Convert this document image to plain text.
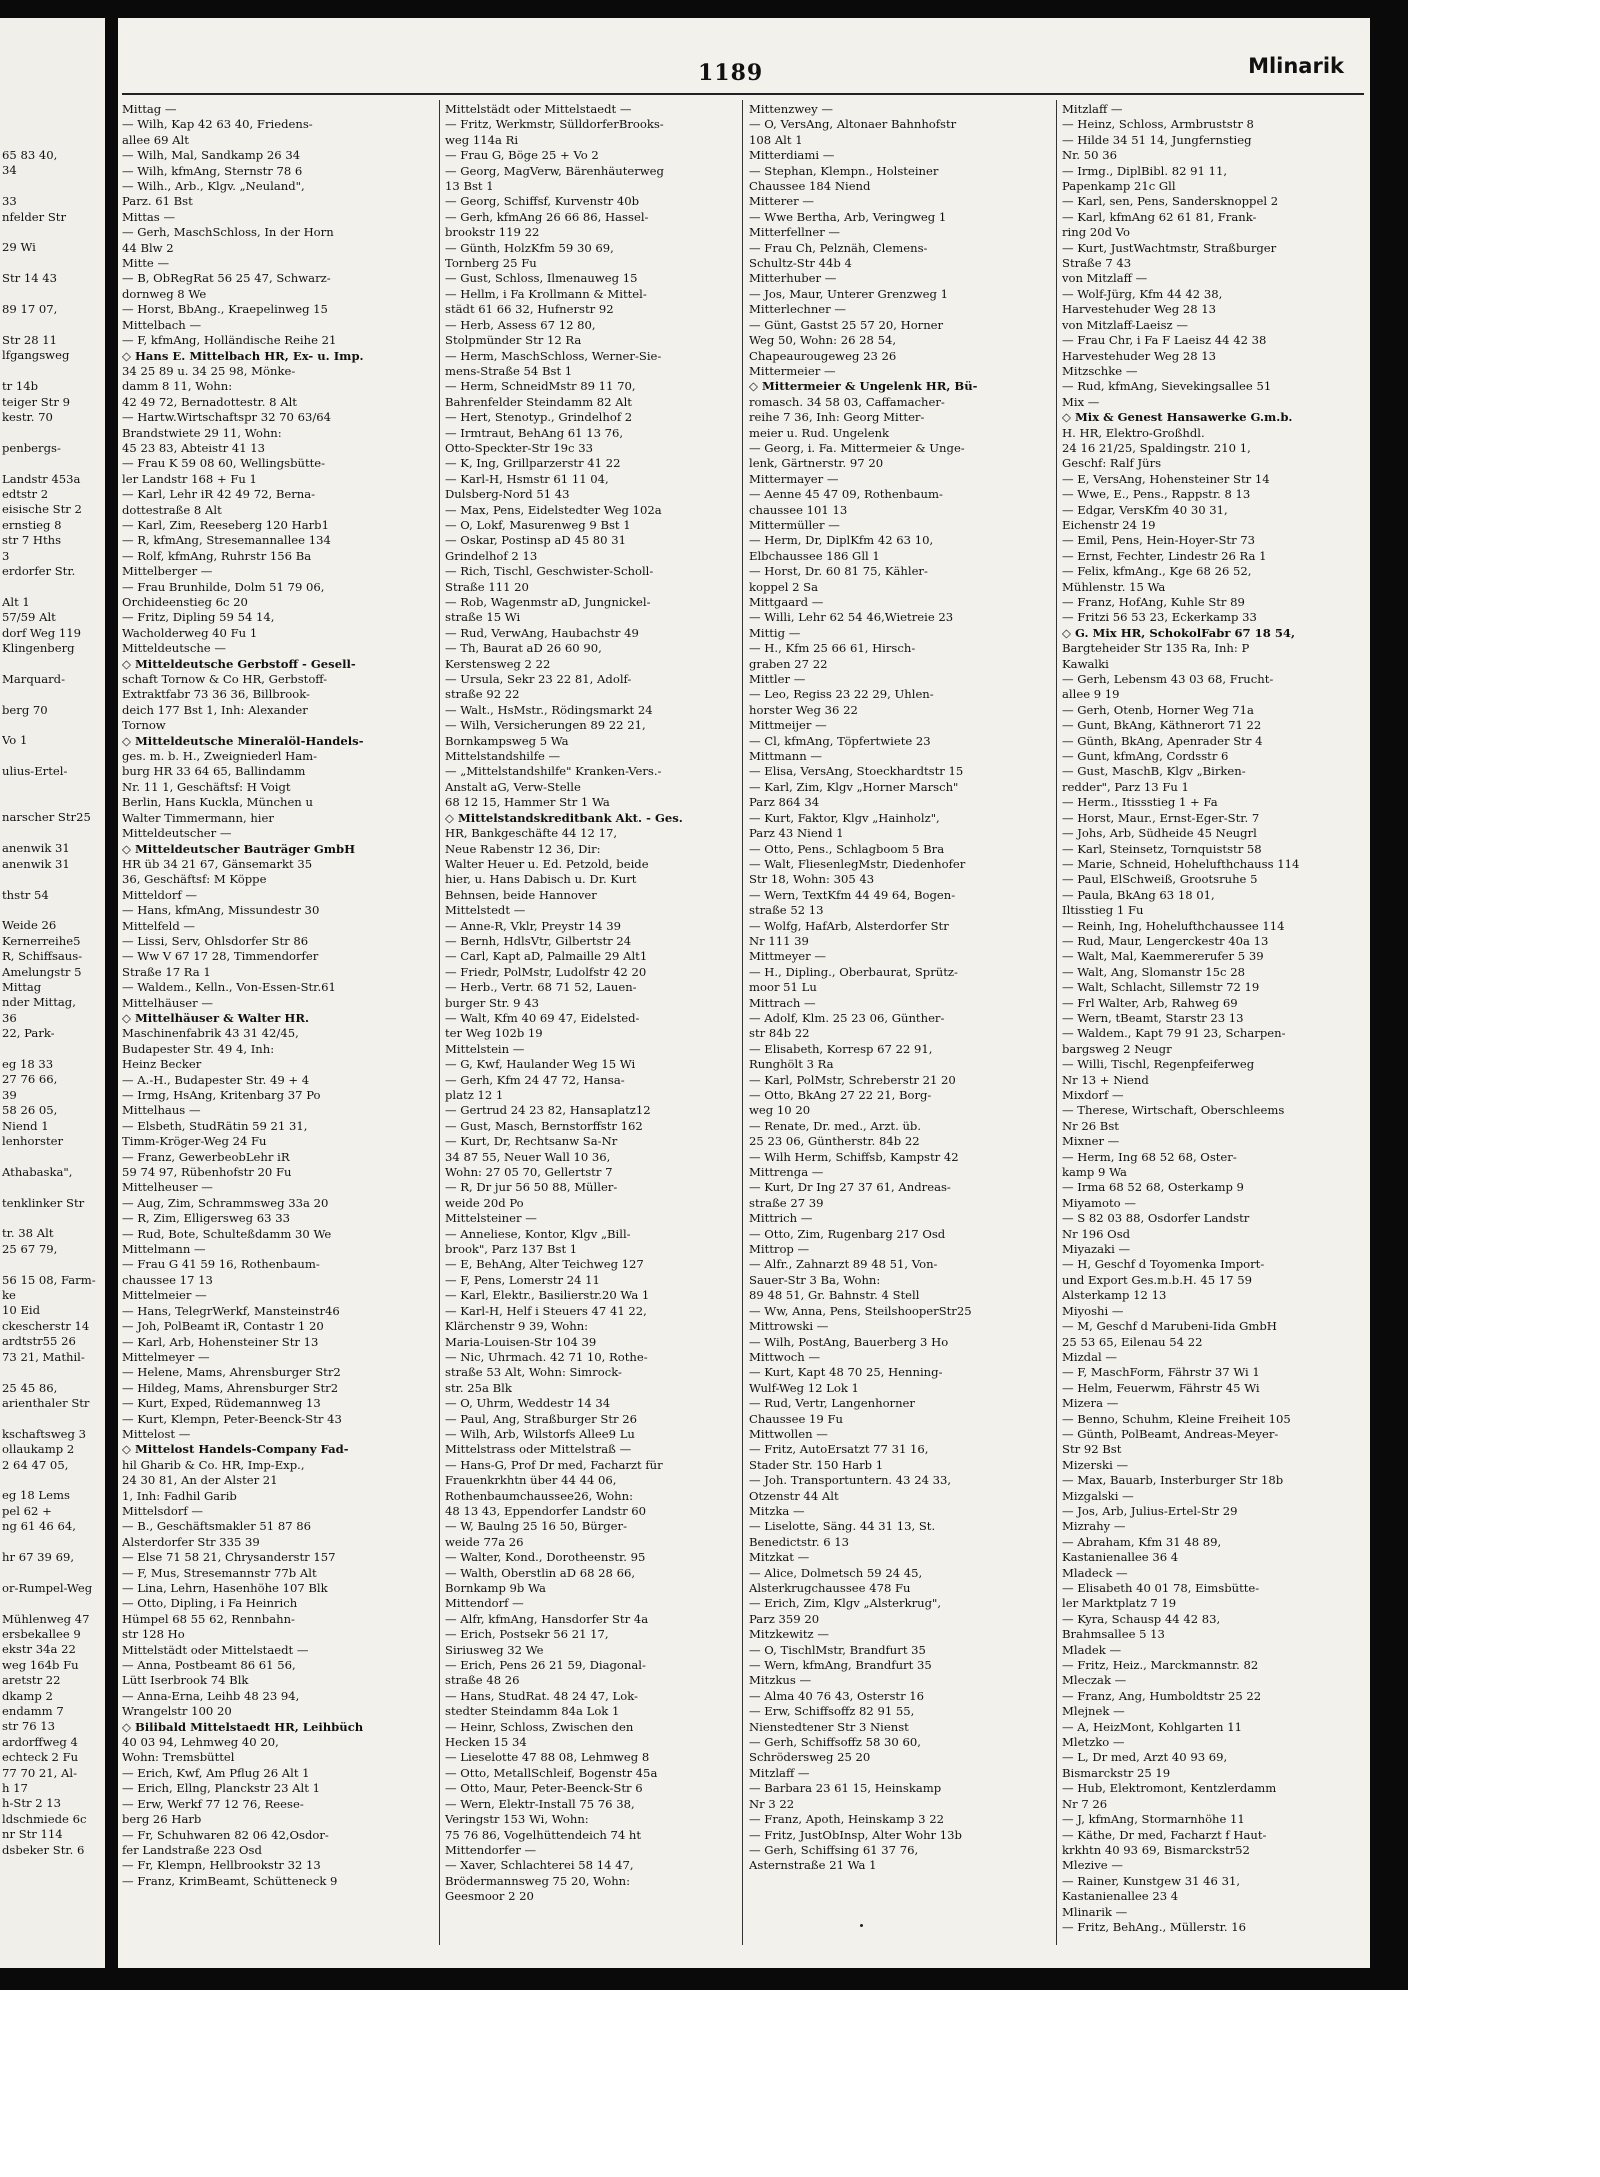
65 83 40,
34

33
nfelder Str

29 Wi

Str 14 43

89 17 07,

Str 28 11
lfgangsweg

tr 14b
teiger Str 9
kestr. 70

penbergs-

Landstr 453a
edtstr 2
eisische Str 2
ernstieg 8
str 7 Hths
3
erdorfer Str.

Alt 1
57/59 Alt
dorf Weg 119
Klingenberg

Marquard-

berg 70

Vo 1

ulius-Ertel-

narscher Str25

anenwik 31
anenwik 31

thstr 54

Weide 26
Kernerreihe5
R, Schiffsaus-
Amelungstr 5
Mittag
nder Mittag,
36
22, Park-

eg 18 33
27 76 66,
39
58 26 05,
Niend 1
lenhorster

Athabaska",

tenklinker Str

tr. 38 Alt
25 67 79,

56 15 08, Farm-
ke
10 Eid
ckescherstr 14
ardtstr55 26
73 21, Mathil-

25 45 86,
arienthaler Str

kschaftsweg 3
ollaukamp 2
2 64 47 05,

eg 18 Lems
pel 62 +
ng 61 46 64,

hr 67 39 69,

or-Rumpel-Weg

Mühlenweg 47
ersbekallee 9
ekstr 34a 22
weg 164b Fu
aretstr 22
dkamp 2
endamm 7
str 76 13
ardorffweg 4
echteck 2 Fu
77 70 21, Al-
h 17
h-Str 2 13
ldschmiede 6c
nr Str 114
dsbeker Str. 6
1189	Mlinarik
Mittag —
— Wilh, Kap 42 63 40, Friedens-
allee 69 Alt
— Wilh, Mal, Sandkamp 26 34
— Wilh, kfmAng, Sternstr 78 6
— Wilh., Arb., Klgv. „Neuland",
Parz. 61 Bst
Mittas —
— Gerh, MaschSchloss, In der Horn
44 Blw 2
Mitte —
— B, ObRegRat 56 25 47, Schwarz-
dornweg 8 We
— Horst, BbAng., Kraepelinweg 15
Mittelbach —
— F, kfmAng, Holländische Reihe 21
◇ Hans E. Mittelbach HR, Ex- u. Imp.
34 25 89 u. 34 25 98, Mönke-
damm 8 11, Wohn:
42 49 72, Bernadottestr. 8 Alt
— Hartw.Wirtschaftspr 32 70 63/64
Brandstwiete 29 11, Wohn:
45 23 83, Abteistr 41 13
— Frau K 59 08 60, Wellingsbütte-
ler Landstr 168 + Fu 1
— Karl, Lehr iR 42 49 72, Berna-
dottestraße 8 Alt
— Karl, Zim, Reeseberg 120 Harb1
— R, kfmAng, Stresemannallee 134
— Rolf, kfmAng, Ruhrstr 156 Ba
Mittelberger —
— Frau Brunhilde, Dolm 51 79 06,
Orchideenstieg 6c 20
— Fritz, Dipling 59 54 14,
Wacholderweg 40 Fu 1
Mitteldeutsche —
◇ Mitteldeutsche Gerbstoff - Gesell-
schaft Tornow & Co HR, Gerbstoff-
Extraktfabr 73 36 36, Billbrook-
deich 177 Bst 1, Inh: Alexander
Tornow
◇ Mitteldeutsche Mineralöl-Handels-
ges. m. b. H., Zweigniederl Ham-
burg HR 33 64 65, Ballindamm
Nr. 11 1, Geschäftsf: H Voigt
Berlin, Hans Kuckla, München u
Walter Timmermann, hier
Mitteldeutscher —
◇ Mitteldeutscher Bauträger GmbH
HR üb 34 21 67, Gänsemarkt 35
36, Geschäftsf: M Köppe
Mitteldorf —
— Hans, kfmAng, Missundestr 30
Mittelfeld —
— Lissi, Serv, Ohlsdorfer Str 86
— Ww V 67 17 28, Timmendorfer
Straße 17 Ra 1
— Waldem., Kelln., Von-Essen-Str.61
Mittelhäuser —
◇ Mittelhäuser & Walter HR.
Maschinenfabrik 43 31 42/45,
Budapester Str. 49 4, Inh:
Heinz Becker
— A.-H., Budapester Str. 49 + 4
— Irmg, HsAng, Kritenbarg 37 Po
Mittelhaus —
— Elsbeth, StudRätin 59 21 31,
Timm-Kröger-Weg 24 Fu
— Franz, GewerbeobLehr iR
59 74 97, Rübenhofstr 20 Fu
Mittelheuser —
— Aug, Zim, Schrammsweg 33a 20
— R, Zim, Elligersweg 63 33
— Rud, Bote, Schulteßdamm 30 We
Mittelmann —
— Frau G 41 59 16, Rothenbaum-
chaussee 17 13
Mittelmeier —
— Hans, TelegrWerkf, Mansteinstr46
— Joh, PolBeamt iR, Contastr 1 20
— Karl, Arb, Hohensteiner Str 13
Mittelmeyer —
— Helene, Mams, Ahrensburger Str2
— Hildeg, Mams, Ahrensburger Str2
— Kurt, Exped, Rüdemannweg 13
— Kurt, Klempn, Peter-Beenck-Str 43
Mittelost —
◇ Mittelost Handels-Company Fad-
hil Gharib & Co. HR, Imp-Exp.,
24 30 81, An der Alster 21
1, Inh: Fadhil Garib
Mittelsdorf —
— B., Geschäftsmakler 51 87 86
Alsterdorfer Str 335 39
— Else 71 58 21, Chrysanderstr 157
— F, Mus, Stresemannstr 77b Alt
— Lina, Lehrn, Hasenhöhe 107 Blk
— Otto, Dipling, i Fa Heinrich
Hümpel 68 55 62, Rennbahn-
str 128 Ho
Mittelstädt oder Mittelstaedt —
— Anna, Postbeamt 86 61 56,
Lütt Iserbrook 74 Blk
— Anna-Erna, Leihb 48 23 94,
Wrangelstr 100 20
◇ Bilibald Mittelstaedt HR, Leihbüch
40 03 94, Lehmweg 40 20,
Wohn: Tremsbüttel
— Erich, Kwf, Am Pflug 26 Alt 1
— Erich, Ellng, Planckstr 23 Alt 1
— Erw, Werkf 77 12 76, Reese-
berg 26 Harb
— Fr, Schuhwaren 82 06 42,Osdor-
fer Landstraße 223 Osd
— Fr, Klempn, Hellbrookstr 32 13
— Franz, KrimBeamt, Schütteneck 9
Mittelstädt oder Mittelstaedt —
— Fritz, Werkmstr, SülldorferBrooks-
weg 114a Ri
— Frau G, Böge 25 + Vo 2
— Georg, MagVerw, Bärenhäuterweg
13 Bst 1
— Georg, Schiffsf, Kurvenstr 40b
— Gerh, kfmAng 26 66 86, Hassel-
brookstr 119 22
— Günth, HolzKfm 59 30 69,
Tornberg 25 Fu
— Gust, Schloss, Ilmenauweg 15
— Hellm, i Fa Krollmann & Mittel-
städt 61 66 32, Hufnerstr 92
— Herb, Assess 67 12 80,
Stolpmünder Str 12 Ra
— Herm, MaschSchloss, Werner-Sie-
mens-Straße 54 Bst 1
— Herm, SchneidMstr 89 11 70,
Bahrenfelder Steindamm 82 Alt
— Hert, Stenotyp., Grindelhof 2
— Irmtraut, BehAng 61 13 76,
Otto-Speckter-Str 19c 33
— K, Ing, Grillparzerstr 41 22
— Karl-H, Hsmstr 61 11 04,
Dulsberg-Nord 51 43
— Max, Pens, Eidelstedter Weg 102a
— O, Lokf, Masurenweg 9 Bst 1
— Oskar, Postinsp aD 45 80 31
Grindelhof 2 13
— Rich, Tischl, Geschwister-Scholl-
Straße 111 20
— Rob, Wagenmstr aD, Jungnickel-
straße 15 Wi
— Rud, VerwAng, Haubachstr 49
— Th, Baurat aD 26 60 90,
Kerstensweg 2 22
— Ursula, Sekr 23 22 81, Adolf-
straße 92 22
— Walt., HsMstr., Rödingsmarkt 24
— Wilh, Versicherungen 89 22 21,
Bornkampsweg 5 Wa
Mittelstandshilfe —
— „Mittelstandshilfe" Kranken-Vers.-
Anstalt aG, Verw-Stelle
68 12 15, Hammer Str 1 Wa
◇ Mittelstandskreditbank Akt. - Ges.
HR, Bankgeschäfte 44 12 17,
Neue Rabenstr 12 36, Dir:
Walter Heuer u. Ed. Petzold, beide
hier, u. Hans Dabisch u. Dr. Kurt
Behnsen, beide Hannover
Mittelstedt —
— Anne-R, Vklr, Preystr 14 39
— Bernh, HdlsVtr, Gilbertstr 24
— Carl, Kapt aD, Palmaille 29 Alt1
— Friedr, PolMstr, Ludolfstr 42 20
— Herb., Vertr. 68 71 52, Lauen-
burger Str. 9 43
— Walt, Kfm 40 69 47, Eidelsted-
ter Weg 102b 19
Mittelstein —
— G, Kwf, Haulander Weg 15 Wi
— Gerh, Kfm 24 47 72, Hansa-
platz 12 1
— Gertrud 24 23 82, Hansaplatz12
— Gust, Masch, Bernstorffstr 162
— Kurt, Dr, Rechtsanw Sa-Nr
34 87 55, Neuer Wall 10 36,
Wohn: 27 05 70, Gellertstr 7
— R, Dr jur 56 50 88, Müller-
weide 20d Po
Mittelsteiner —
— Anneliese, Kontor, Klgv „Bill-
brook", Parz 137 Bst 1
— E, BehAng, Alter Teichweg 127
— F, Pens, Lomerstr 24 11
— Karl, Elektr., Basilierstr.20 Wa 1
— Karl-H, Helf i Steuers 47 41 22,
Klärchenstr 9 39, Wohn:
Maria-Louisen-Str 104 39
— Nic, Uhrmach. 42 71 10, Rothe-
straße 53 Alt, Wohn: Simrock-
str. 25a Blk
— O, Uhrm, Weddestr 14 34
— Paul, Ang, Straßburger Str 26
— Wilh, Arb, Wilstorfs Allee9 Lu
Mittelstrass oder Mittelstraß —
— Hans-G, Prof Dr med, Facharzt für
Frauenkrkhtn über 44 44 06,
Rothenbaumchaussee26, Wohn:
48 13 43, Eppendorfer Landstr 60
— W, Baulng 25 16 50, Bürger-
weide 77a 26
— Walter, Kond., Dorotheenstr. 95
— Walth, Oberstlin aD 68 28 66,
Bornkamp 9b Wa
Mittendorf —
— Alfr, kfmAng, Hansdorfer Str 4a
— Erich, Postsekr 56 21 17,
Siriusweg 32 We
— Erich, Pens 26 21 59, Diagonal-
straße 48 26
— Hans, StudRat. 48 24 47, Lok-
stedter Steindamm 84a Lok 1
— Heinr, Schloss, Zwischen den
Hecken 15 34
— Lieselotte 47 88 08, Lehmweg 8
— Otto, MetallSchleif, Bogenstr 45a
— Otto, Maur, Peter-Beenck-Str 6
— Wern, Elektr-Install 75 76 38,
Veringstr 153 Wi, Wohn:
75 76 86, Vogelhüttendeich 74 ht
Mittendorfer —
— Xaver, Schlachterei 58 14 47,
Brödermannsweg 75 20, Wohn:
Geesmoor 2 20
Mittenzwey —
— O, VersAng, Altonaer Bahnhofstr
108 Alt 1
Mitterdiami —
— Stephan, Klempn., Holsteiner
Chaussee 184 Niend
Mitterer —
— Wwe Bertha, Arb, Veringweg 1
Mitterfellner —
— Frau Ch, Pelznäh, Clemens-
Schultz-Str 44b 4
Mitterhuber —
— Jos, Maur, Unterer Grenzweg 1
Mitterlechner —
— Günt, Gastst 25 57 20, Horner
Weg 50, Wohn: 26 28 54,
Chapeaurougeweg 23 26
Mittermeier —
◇ Mittermeier & Ungelenk HR, Bü-
romasch. 34 58 03, Caffamacher-
reihe 7 36, Inh: Georg Mitter-
meier u. Rud. Ungelenk
— Georg, i. Fa. Mittermeier & Unge-
lenk, Gärtnerstr. 97 20
Mittermayer —
— Aenne 45 47 09, Rothenbaum-
chaussee 101 13
Mittermüller —
— Herm, Dr, DiplKfm 42 63 10,
Elbchaussee 186 Gll 1
— Horst, Dr. 60 81 75, Kähler-
koppel 2 Sa
Mittgaard —
— Willi, Lehr 62 54 46,Wietreie 23
Mittig —
— H., Kfm 25 66 61, Hirsch-
graben 27 22
Mittler —
— Leo, Regiss 23 22 29, Uhlen-
horster Weg 36 22
Mittmeijer —
— Cl, kfmAng, Töpfertwiete 23
Mittmann —
— Elisa, VersAng, Stoeckhardtstr 15
— Karl, Zim, Klgv „Horner Marsch"
Parz 864 34
— Kurt, Faktor, Klgv „Hainholz",
Parz 43 Niend 1
— Otto, Pens., Schlagboom 5 Bra
— Walt, FliesenlegMstr, Diedenhofer
Str 18, Wohn: 305 43
— Wern, TextKfm 44 49 64, Bogen-
straße 52 13
— Wolfg, HafArb, Alsterdorfer Str
Nr 111 39
Mittmeyer —
— H., Dipling., Oberbaurat, Sprütz-
moor 51 Lu
Mittrach —
— Adolf, Klm. 25 23 06, Günther-
str 84b 22
— Elisabeth, Korresp 67 22 91,
Runghölt 3 Ra
— Karl, PolMstr, Schreberstr 21 20
— Otto, BkAng 27 22 21, Borg-
weg 10 20
— Renate, Dr. med., Arzt. üb.
25 23 06, Güntherstr. 84b 22
— Wilh Herm, Schiffsb, Kampstr 42
Mittrenga —
— Kurt, Dr Ing 27 37 61, Andreas-
straße 27 39
Mittrich —
— Otto, Zim, Rugenbarg 217 Osd
Mittrop —
— Alfr., Zahnarzt 89 48 51, Von-
Sauer-Str 3 Ba, Wohn:
89 48 51, Gr. Bahnstr. 4 Stell
— Ww, Anna, Pens, SteilshooperStr25
Mittrowski —
— Wilh, PostAng, Bauerberg 3 Ho
Mittwoch —
— Kurt, Kapt 48 70 25, Henning-
Wulf-Weg 12 Lok 1
— Rud, Vertr, Langenhorner
Chaussee 19 Fu
Mittwollen —
— Fritz, AutoErsatzt 77 31 16,
Stader Str. 150 Harb 1
— Joh. Transportuntern. 43 24 33,
Otzenstr 44 Alt
Mitzka —
— Liselotte, Säng. 44 31 13, St.
Benedictstr. 6 13
Mitzkat —
— Alice, Dolmetsch 59 24 45,
Alsterkrugchaussee 478 Fu
— Erich, Zim, Klgv „Alsterkrug",
Parz 359 20
Mitzkewitz —
— O, TischlMstr, Brandfurt 35
— Wern, kfmAng, Brandfurt 35
Mitzkus —
— Alma 40 76 43, Osterstr 16
— Erw, Schiffsoffz 82 91 55,
Nienstedtener Str 3 Nienst
— Gerh, Schiffsoffz 58 30 60,
Schrödersweg 25 20
Mitzlaff —
— Barbara 23 61 15, Heinskamp
Nr 3 22
— Franz, Apoth, Heinskamp 3 22
— Fritz, JustObInsp, Alter Wohr 13b
— Gerh, Schiffsing 61 37 76,
Asternstraße 21 Wa 1
Mitzlaff —
— Heinz, Schloss, Armbruststr 8
— Hilde 34 51 14, Jungfernstieg
Nr. 50 36
— Irmg., DiplBibl. 82 91 11,
Papenkamp 21c Gll
— Karl, sen, Pens, Sandersknoppel 2
— Karl, kfmAng 62 61 81, Frank-
ring 20d Vo
— Kurt, JustWachtmstr, Straßburger
Straße 7 43
von Mitzlaff —
— Wolf-Jürg, Kfm 44 42 38,
Harvestehuder Weg 28 13
von Mitzlaff-Laeisz —
— Frau Chr, i Fa F Laeisz 44 42 38
Harvestehuder Weg 28 13
Mitzschke —
— Rud, kfmAng, Sievekingsallee 51
Mix —
◇ Mix & Genest Hansawerke G.m.b.
H. HR, Elektro-Großhdl.
24 16 21/25, Spaldingstr. 210 1,
Geschf: Ralf Jürs
— E, VersAng, Hohensteiner Str 14
— Wwe, E., Pens., Rappstr. 8 13
— Edgar, VersKfm 40 30 31,
Eichenstr 24 19
— Emil, Pens, Hein-Hoyer-Str 73
— Ernst, Fechter, Lindestr 26 Ra 1
— Felix, kfmAng., Kge 68 26 52,
Mühlenstr. 15 Wa
— Franz, HofAng, Kuhle Str 89
— Fritzi 56 53 23, Eckerkamp 33
◇ G. Mix HR, SchokolFabr 67 18 54,
Bargteheider Str 135 Ra, Inh: P
Kawalki
— Gerh, Lebensm 43 03 68, Frucht-
allee 9 19
— Gerh, Otenb, Horner Weg 71a
— Gunt, BkAng, Käthnerort 71 22
— Günth, BkAng, Apenrader Str 4
— Gunt, kfmAng, Cordsstr 6
— Gust, MaschB, Klgv „Birken-
redder", Parz 13 Fu 1
— Herm., Itissstieg 1 + Fa
— Horst, Maur., Ernst-Eger-Str. 7
— Johs, Arb, Südheide 45 Neugrl
— Karl, Steinsetz, Tornquiststr 58
— Marie, Schneid, Hohelufthchauss 114
— Paul, ElSchweiß, Grootsruhe 5
— Paula, BkAng 63 18 01,
Iltisstieg 1 Fu
— Reinh, Ing, Hohelufthchaussee 114
— Rud, Maur, Lengerckestr 40a 13
— Walt, Mal, Kaemmererufer 5 39
— Walt, Ang, Slomanstr 15c 28
— Walt, Schlacht, Sillemstr 72 19
— Frl Walter, Arb, Rahweg 69
— Wern, tBeamt, Starstr 23 13
— Waldem., Kapt 79 91 23, Scharpen-
bargsweg 2 Neugr
— Willi, Tischl, Regenpfeiferweg
Nr 13 + Niend
Mixdorf —
— Therese, Wirtschaft, Oberschleems
Nr 26 Bst
Mixner —
— Herm, Ing 68 52 68, Oster-
kamp 9 Wa
— Irma 68 52 68, Osterkamp 9
Miyamoto —
— S 82 03 88, Osdorfer Landstr
Nr 196 Osd
Miyazaki —
— H, Geschf d Toyomenka Import-
und Export Ges.m.b.H. 45 17 59
Alsterkamp 12 13
Miyoshi —
— M, Geschf d Marubeni-Iida GmbH
25 53 65, Eilenau 54 22
Mizdal —
— F, MaschForm, Fährstr 37 Wi 1
— Helm, Feuerwm, Fährstr 45 Wi
Mizera —
— Benno, Schuhm, Kleine Freiheit 105
— Günth, PolBeamt, Andreas-Meyer-
Str 92 Bst
Mizerski —
— Max, Bauarb, Insterburger Str 18b
Mizgalski —
— Jos, Arb, Julius-Ertel-Str 29
Mizrahy —
— Abraham, Kfm 31 48 89,
Kastanienallee 36 4
Mladeck —
— Elisabeth 40 01 78, Eimsbütte-
ler Marktplatz 7 19
— Kyra, Schausp 44 42 83,
Brahmsallee 5 13
Mladek —
— Fritz, Heiz., Marckmannstr. 82
Mleczak —
— Franz, Ang, Humboldtstr 25 22
Mlejnek —
— A, HeizMont, Kohlgarten 11
Mletzko —
— L, Dr med, Arzt 40 93 69,
Bismarckstr 25 19
— Hub, Elektromont, Kentzlerdamm
Nr 7 26
— J, kfmAng, Stormarnhöhe 11
— Käthe, Dr med, Facharzt f Haut-
krkhtn 40 93 69, Bismarckstr52
Mlezive —
— Rainer, Kunstgew 31 46 31,
Kastanienallee 23 4
Mlinarik —
— Fritz, BehAng., Müllerstr. 16
